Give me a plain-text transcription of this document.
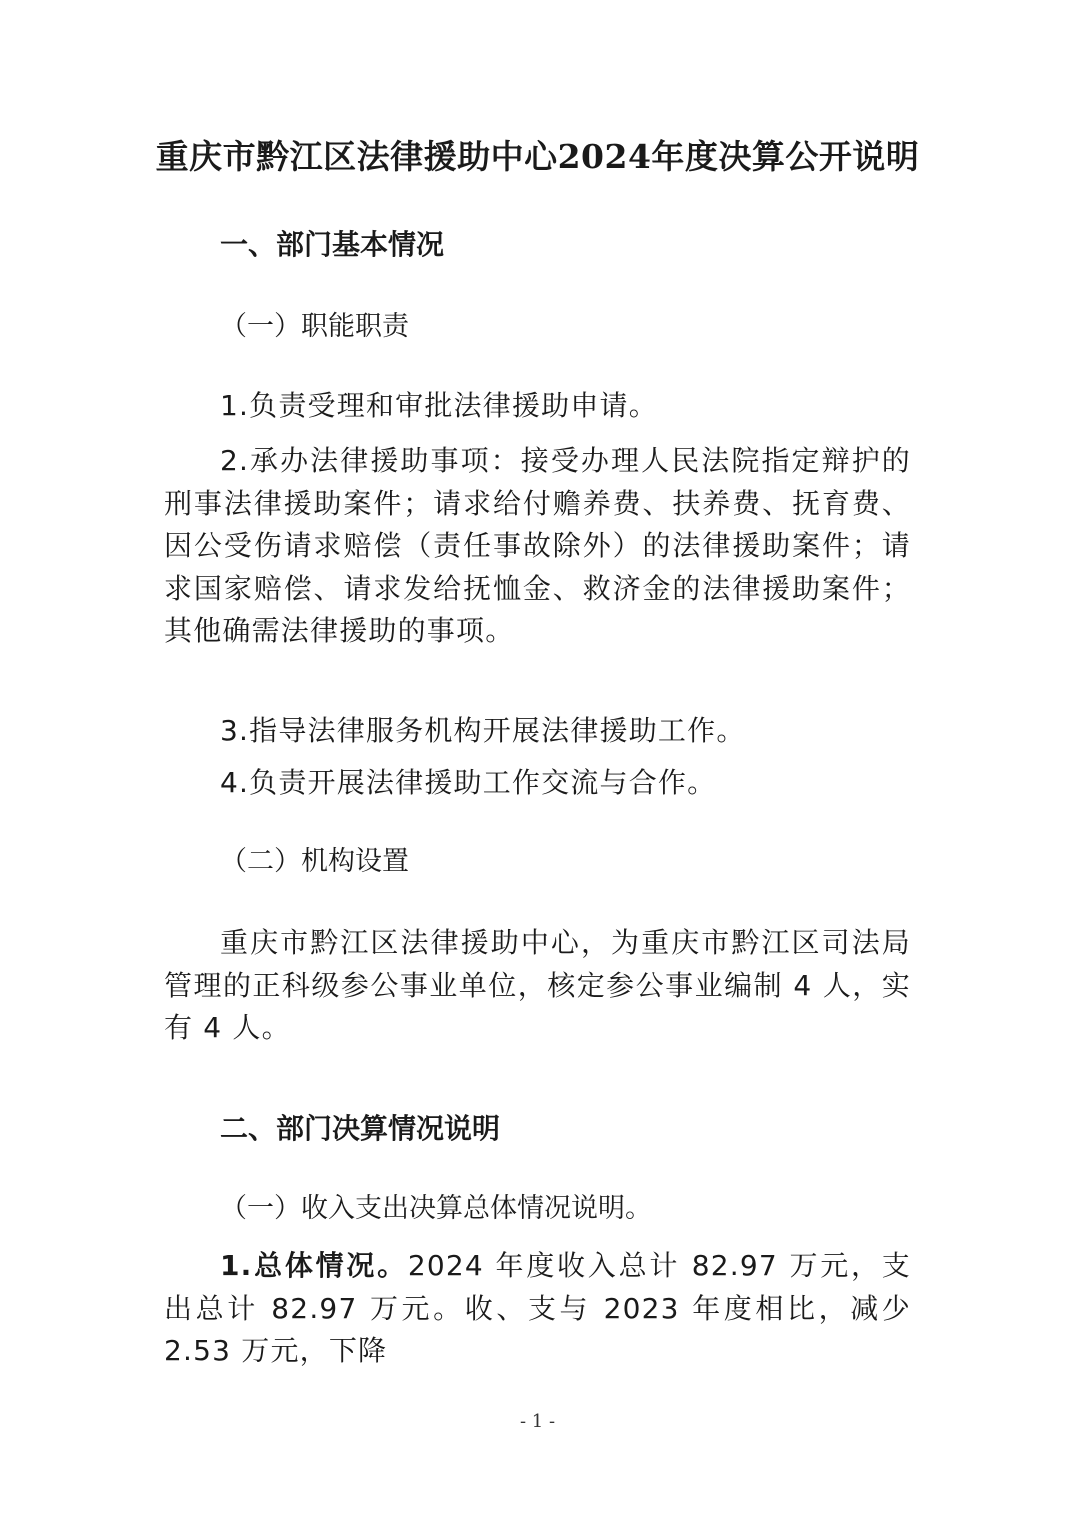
重庆市黔江区法律援助中心2024年度决算公开说明
一、部门基本情况
（一）职能职责
1.负责受理和审批法律援助申请。

2.承办法律援助事项：接受办理人民法院指定辩护的刑事法律援助案件；请求给付赡养费、扶养费、抚育费、因公受伤请求赔偿（责任事故除外）的法律援助案件；请求国家赔偿、请求发给抚恤金、救济金的法律援助案件；其他确需法律援助的事项。

3.指导法律服务机构开展法律援助工作。
4.负责开展法律援助工作交流与合作。
（二）机构设置

重庆市黔江区法律援助中心，为重庆市黔江区司法局管理的正科级参公事业单位，核定参公事业编制 4 人，实有 4 人。

二、部门决算情况说明
（一）收入支出决算总体情况说明。

1.总体情况。2024 年度收入总计 82.97 万元，支出总计 82.97 万元。收、支与 2023 年度相比，减少 2.53 万元，下降

- 1 -
